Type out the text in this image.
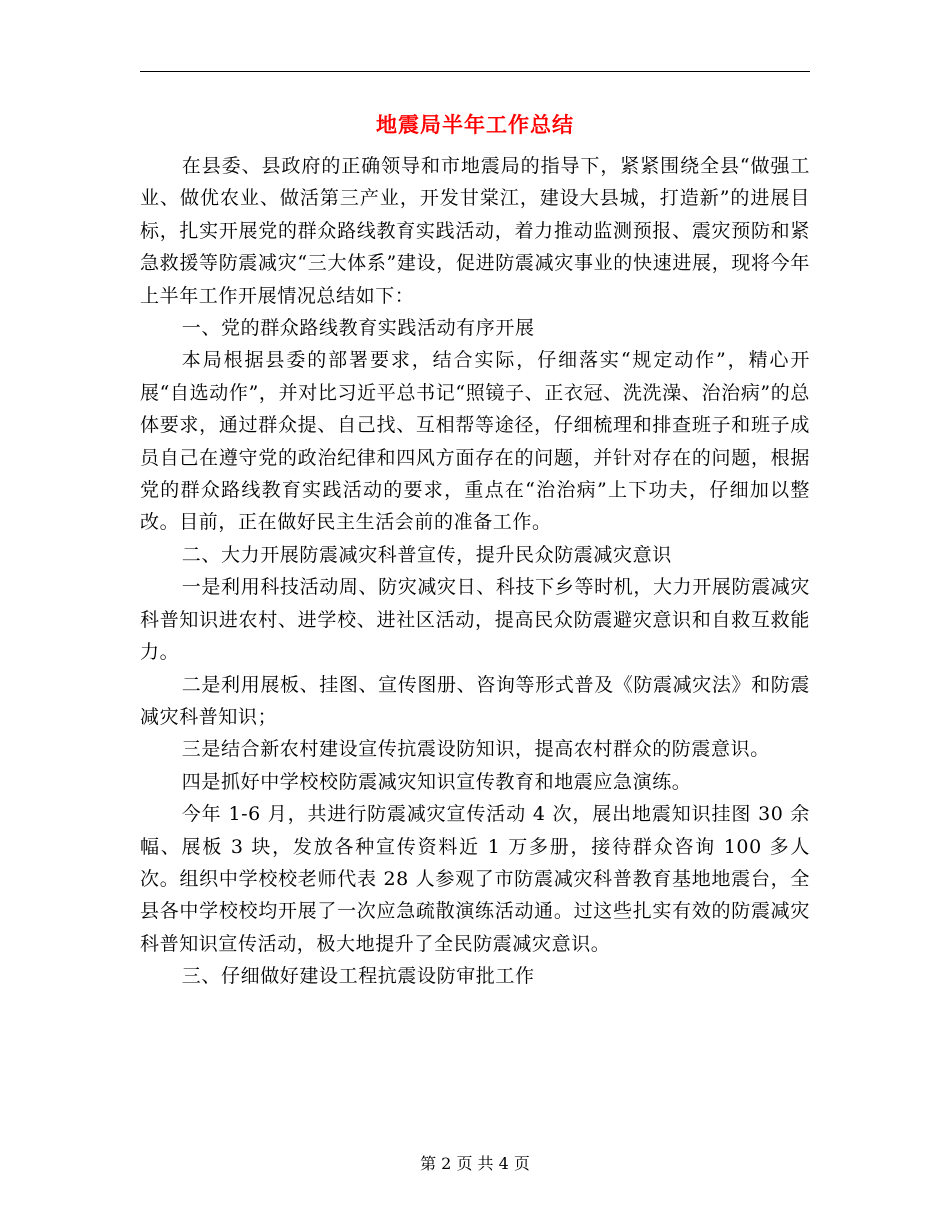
地震局半年工作总结

在县委、县政府的正确领导和市地震局的指导下，紧紧围绕全县“做强工业、做优农业、做活第三产业，开发甘棠江，建设大县城，打造新”的进展目标，扎实开展党的群众路线教育实践活动，着力推动监测预报、震灾预防和紧急救援等防震减灾“三大体系”建设，促进防震减灾事业的快速进展，现将今年上半年工作开展情况总结如下：

一、党的群众路线教育实践活动有序开展

本局根据县委的部署要求，结合实际，仔细落实“规定动作”，精心开展“自选动作”，并对比习近平总书记“照镜子、正衣冠、洗洗澡、治治病”的总体要求，通过群众提、自己找、互相帮等途径，仔细梳理和排查班子和班子成员自己在遵守党的政治纪律和四风方面存在的问题，并针对存在的问题，根据党的群众路线教育实践活动的要求，重点在“治治病”上下功夫，仔细加以整改。目前，正在做好民主生活会前的准备工作。

二、大力开展防震减灾科普宣传，提升民众防震减灾意识

一是利用科技活动周、防灾减灾日、科技下乡等时机，大力开展防震减灾科普知识进农村、进学校、进社区活动，提高民众防震避灾意识和自救互救能力。

二是利用展板、挂图、宣传图册、咨询等形式普及《防震减灾法》和防震减灾科普知识；

三是结合新农村建设宣传抗震设防知识，提高农村群众的防震意识。

四是抓好中学校校防震减灾知识宣传教育和地震应急演练。

今年 1-6 月，共进行防震减灾宣传活动 4 次，展出地震知识挂图 30 余幅、展板 3 块，发放各种宣传资料近 1 万多册，接待群众咨询 100 多人次。组织中学校校老师代表 28 人参观了市防震减灾科普教育基地地震台，全县各中学校校均开展了一次应急疏散演练活动通。过这些扎实有效的防震减灾科普知识宣传活动，极大地提升了全民防震减灾意识。

三、仔细做好建设工程抗震设防审批工作

第 2 页 共 4 页
